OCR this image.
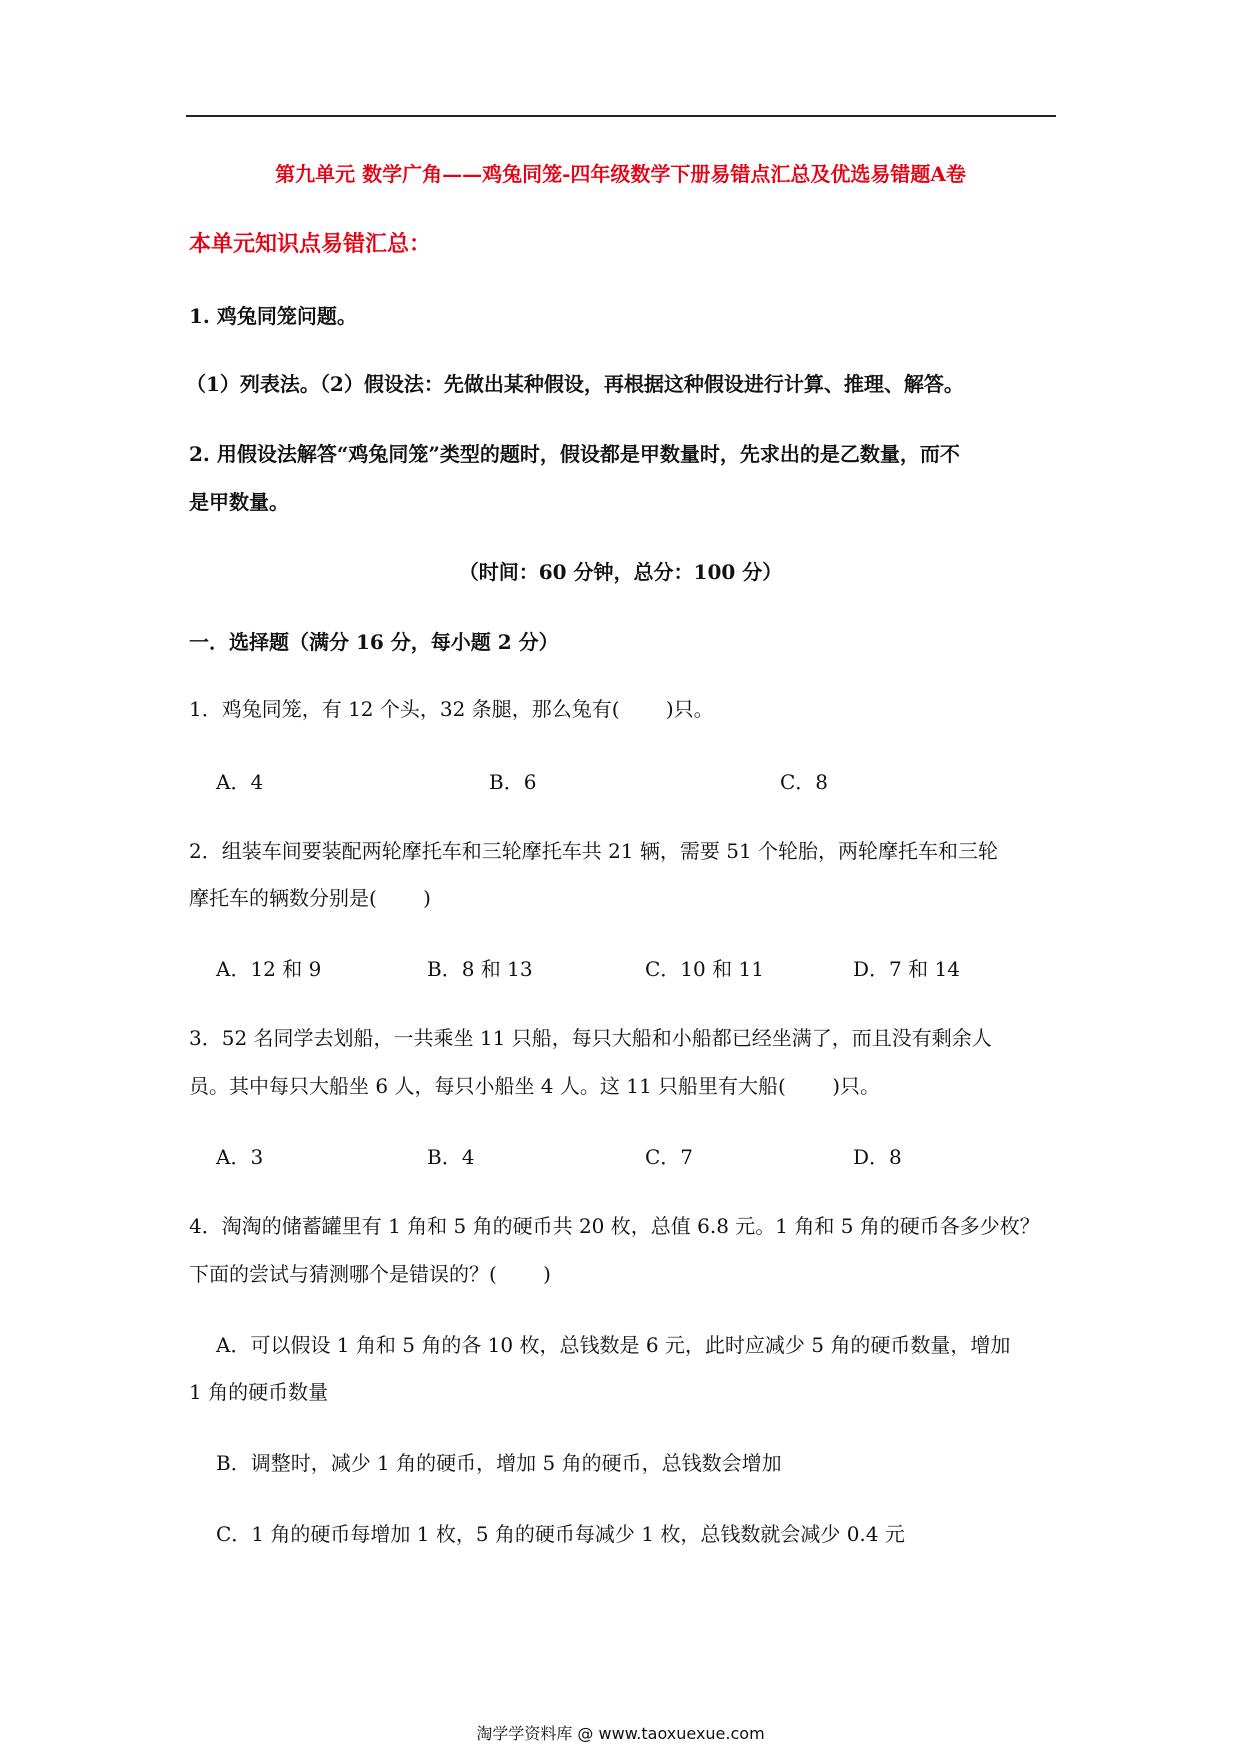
第九单元 数学广角——鸡兔同笼-四年级数学下册易错点汇总及优选易错题A卷
本单元知识点易错汇总：
1. 鸡兔同笼问题。
（1）列表法。（2）假设法：先做出某种假设，再根据这种假设进行计算、推理、解答。
2. 用假设法解答“鸡兔同笼”类型的题时，假设都是甲数量时，先求出的是乙数量，而不
是甲数量。
（时间：60 分钟，总分：100 分）
一．选择题（满分 16 分，每小题 2 分）
1．鸡兔同笼，有 12 个头，32 条腿，那么兔有(　　 )只。
A．4	B．6	C．8
2．组装车间要装配两轮摩托车和三轮摩托车共 21 辆，需要 51 个轮胎，两轮摩托车和三轮
摩托车的辆数分别是(　　 )
A．12 和 9	B．8 和 13	C．10 和 11	D．7 和 14
3．52 名同学去划船，一共乘坐 11 只船，每只大船和小船都已经坐满了，而且没有剩余人
员。其中每只大船坐 6 人，每只小船坐 4 人。这 11 只船里有大船(　　 )只。
A．3	B．4	C．7	D．8
4．淘淘的储蓄罐里有 1 角和 5 角的硬币共 20 枚，总值 6.8 元。1 角和 5 角的硬币各多少枚？
下面的尝试与猜测哪个是错误的？(　　 )
A．可以假设 1 角和 5 角的各 10 枚，总钱数是 6 元，此时应减少 5 角的硬币数量，增加
1 角的硬币数量
B．调整时，减少 1 角的硬币，增加 5 角的硬币，总钱数会增加
C．1 角的硬币每增加 1 枚，5 角的硬币每减少 1 枚，总钱数就会减少 0.4 元
淘学学资料库 @ www.taoxuexue.com
